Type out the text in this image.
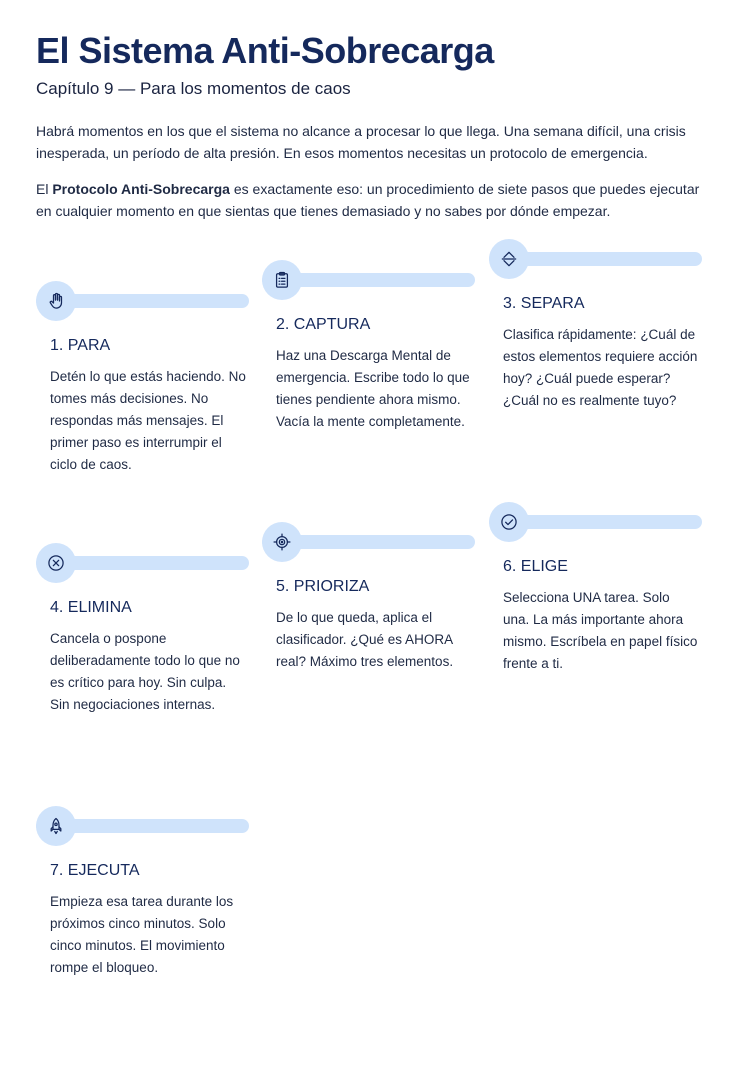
El Sistema Anti-Sobrecarga
Capítulo 9 — Para los momentos de caos

Habrá momentos en los que el sistema no alcance a procesar lo que llega. Una semana difícil, una crisis inesperada, un período de alta presión. En esos momentos necesitas un protocolo de emergencia.

El Protocolo Anti-Sobrecarga es exactamente eso: un procedimiento de siete pasos que puedes ejecutar en cualquier momento en que sientas que tienes demasiado y no sabes por dónde empezar.

1. PARA

Detén lo que estás haciendo. No tomes más decisiones. No respondas más mensajes. El primer paso es interrumpir el ciclo de caos.

2. CAPTURA

Haz una Descarga Mental de emergencia. Escribe todo lo que tienes pendiente ahora mismo. Vacía la mente completamente.

3. SEPARA

Clasifica rápidamente: ¿Cuál de estos elementos requiere acción hoy? ¿Cuál puede esperar? ¿Cuál no es realmente tuyo?

4. ELIMINA

Cancela o pospone deliberadamente todo lo que no es crítico para hoy. Sin culpa. Sin negociaciones internas.

5. PRIORIZA

De lo que queda, aplica el clasificador. ¿Qué es AHORA real? Máximo tres elementos.

6. ELIGE

Selecciona UNA tarea. Solo una. La más importante ahora mismo. Escríbela en papel físico frente a ti.

7. EJECUTA

Empieza esa tarea durante los próximos cinco minutos. Solo cinco minutos. El movimiento rompe el bloqueo.
